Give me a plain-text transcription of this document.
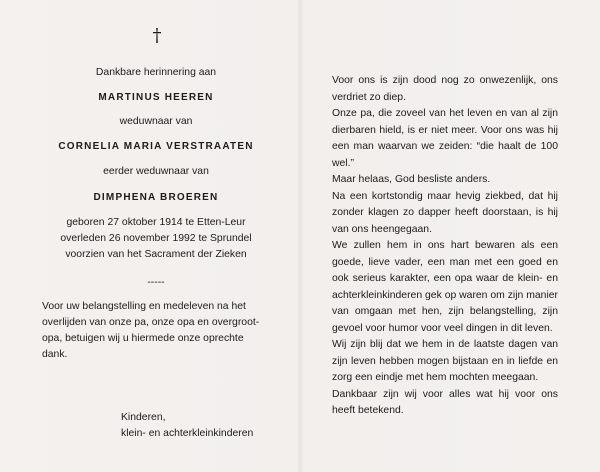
†
Dankbare herinnering aan
MARTINUS HEEREN
weduwnaar van
CORNELIA MARIA VERSTRAATEN
eerder weduwnaar van
DIMPHENA BROEREN
geboren 27 oktober 1914 te Etten-Leur
overleden 26 november 1992 te Sprundel
voorzien van het Sacrament der Zieken
-----
Voor uw belangstelling en medeleven na het
overlijden van onze pa, onze opa en overgroot-
opa, betuigen wij u hiermede onze oprechte
dank.
Kinderen,
klein- en achterkleinkinderen

Voor ons is zijn dood nog zo onwezenlijk, ons verdriet zo diep.

Onze pa, die zoveel van het leven en van al zijn dierbaren hield, is er niet meer. Voor ons was hij een man waarvan we zeiden: “die haalt de 100 wel.”

Maar helaas, God besliste anders.

Na een kortstondig maar hevig ziekbed, dat hij zonder klagen zo dapper heeft doorstaan, is hij van ons heengegaan.

We zullen hem in ons hart bewaren als een goede, lieve vader, een man met een goed en ook serieus karakter, een opa waar de klein- en achterkleinkinderen gek op waren om zijn manier van omgaan met hen, zijn belangstelling, zijn gevoel voor humor voor veel dingen in dit leven.

Wij zijn blij dat we hem in de laatste dagen van zijn leven hebben mogen bijstaan en in liefde en zorg een eindje met hem mochten meegaan.

Dankbaar zijn wij voor alles wat hij voor ons heeft betekend.
